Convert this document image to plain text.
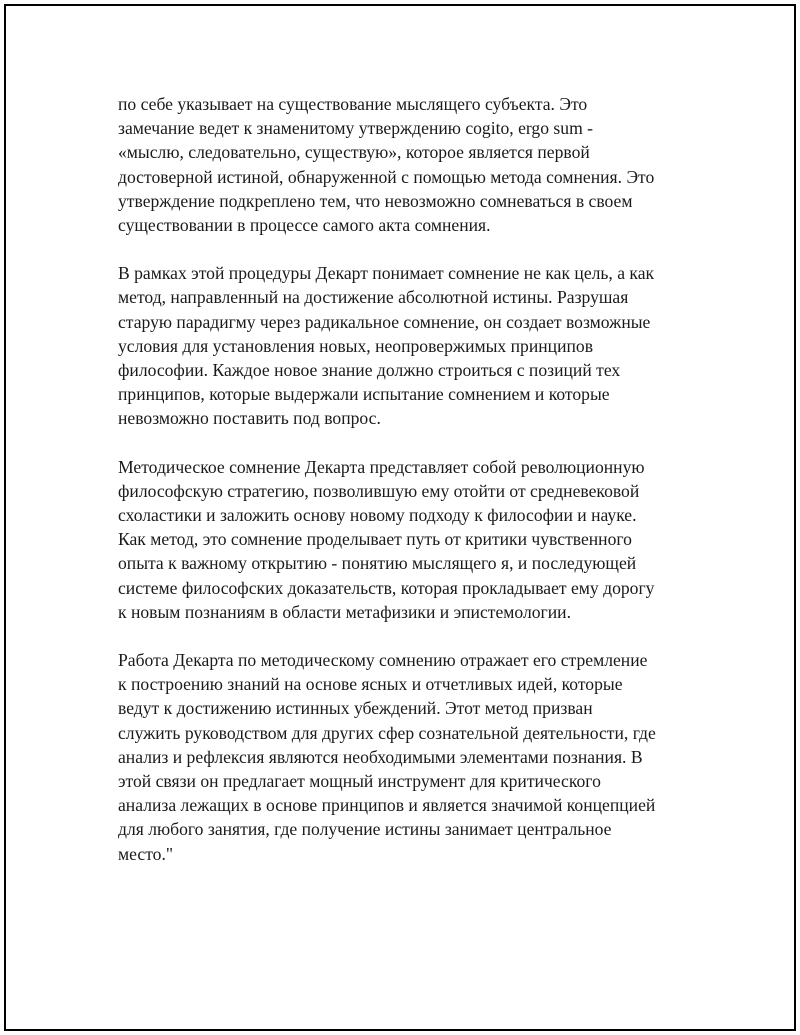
по себе указывает на существование мыслящего субъекта. Это
замечание ведет к знаменитому утверждению cogito, ergo sum -
«мыслю, следовательно, существую», которое является первой
достоверной истиной, обнаруженной с помощью метода сомнения. Это
утверждение подкреплено тем, что невозможно сомневаться в своем
существовании в процессе самого акта сомнения.

В рамках этой процедуры Декарт понимает сомнение не как цель, а как
метод, направленный на достижение абсолютной истины. Разрушая
старую парадигму через радикальное сомнение, он создает возможные
условия для установления новых, неопровержимых принципов
философии. Каждое новое знание должно строиться с позиций тех
принципов, которые выдержали испытание сомнением и которые
невозможно поставить под вопрос.

Методическое сомнение Декарта представляет собой революционную
философскую стратегию, позволившую ему отойти от средневековой
схоластики и заложить основу новому подходу к философии и науке.
Как метод, это сомнение проделывает путь от критики чувственного
опыта к важному открытию - понятию мыслящего я, и последующей
системе философских доказательств, которая прокладывает ему дорогу
к новым познаниям в области метафизики и эпистемологии.

Работа Декарта по методическому сомнению отражает его стремление
к построению знаний на основе ясных и отчетливых идей, которые
ведут к достижению истинных убеждений. Этот метод призван
служить руководством для других сфер сознательной деятельности, где
анализ и рефлексия являются необходимыми элементами познания. В
этой связи он предлагает мощный инструмент для критического
анализа лежащих в основе принципов и является значимой концепцией
для любого занятия, где получение истины занимает центральное
место."
